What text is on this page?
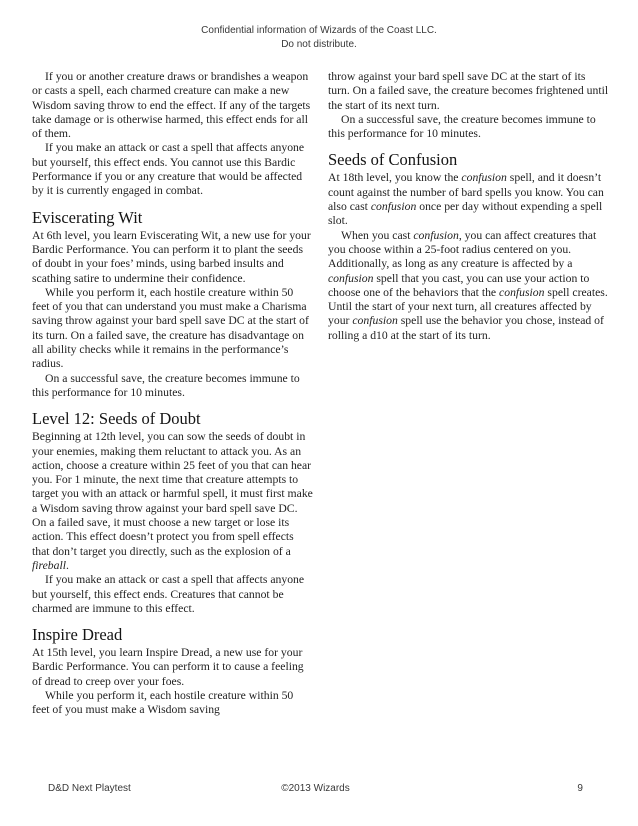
Confidential information of Wizards of the Coast LLC.
Do not distribute.

If you or another creature draws or brandishes a weapon or casts a spell, each charmed creature can make a new Wisdom saving throw to end the effect. If any of the targets take damage or is otherwise harmed, this effect ends for all of them.

If you make an attack or cast a spell that affects anyone but yourself, this effect ends. You cannot use this Bardic Performance if you or any creature that would be affected by it is currently engaged in combat.

Eviscerating Wit

At 6th level, you learn Eviscerating Wit, a new use for your Bardic Performance. You can perform it to plant the seeds of doubt in your foes’ minds, using barbed insults and scathing satire to undermine their confidence.

While you perform it, each hostile creature within 50 feet of you that can understand you must make a Charisma saving throw against your bard spell save DC at the start of its turn. On a failed save, the creature has disadvantage on all ability checks while it remains in the performance’s radius.

On a successful save, the creature becomes immune to this performance for 10 minutes.

Level 12: Seeds of Doubt

Beginning at 12th level, you can sow the seeds of doubt in your enemies, making them reluctant to attack you. As an action, choose a creature within 25 feet of you that can hear you. For 1 minute, the next time that creature attempts to target you with an attack or harmful spell, it must first make a Wisdom saving throw against your bard spell save DC. On a failed save, it must choose a new target or lose its action. This effect doesn’t protect you from spell effects that don’t target you directly, such as the explosion of a fireball.

If you make an attack or cast a spell that affects anyone but yourself, this effect ends. Creatures that cannot be charmed are immune to this effect.

Inspire Dread

At 15th level, you learn Inspire Dread, a new use for your Bardic Performance. You can perform it to cause a feeling of dread to creep over your foes.

While you perform it, each hostile creature within 50 feet of you must make a Wisdom saving

throw against your bard spell save DC at the start of its turn. On a failed save, the creature becomes frightened until the start of its next turn.

On a successful save, the creature becomes immune to this performance for 10 minutes.

Seeds of Confusion

At 18th level, you know the confusion spell, and it doesn’t count against the number of bard spells you know. You can also cast confusion once per day without expending a spell slot.

When you cast confusion, you can affect creatures that you choose within a 25-foot radius centered on you. Additionally, as long as any creature is affected by a confusion spell that you cast, you can use your action to choose one of the behaviors that the confusion spell creates. Until the start of your next turn, all creatures affected by your confusion spell use the behavior you chose, instead of rolling a d10 at the start of its turn.

D&D Next Playtest	©2013 Wizards	9
